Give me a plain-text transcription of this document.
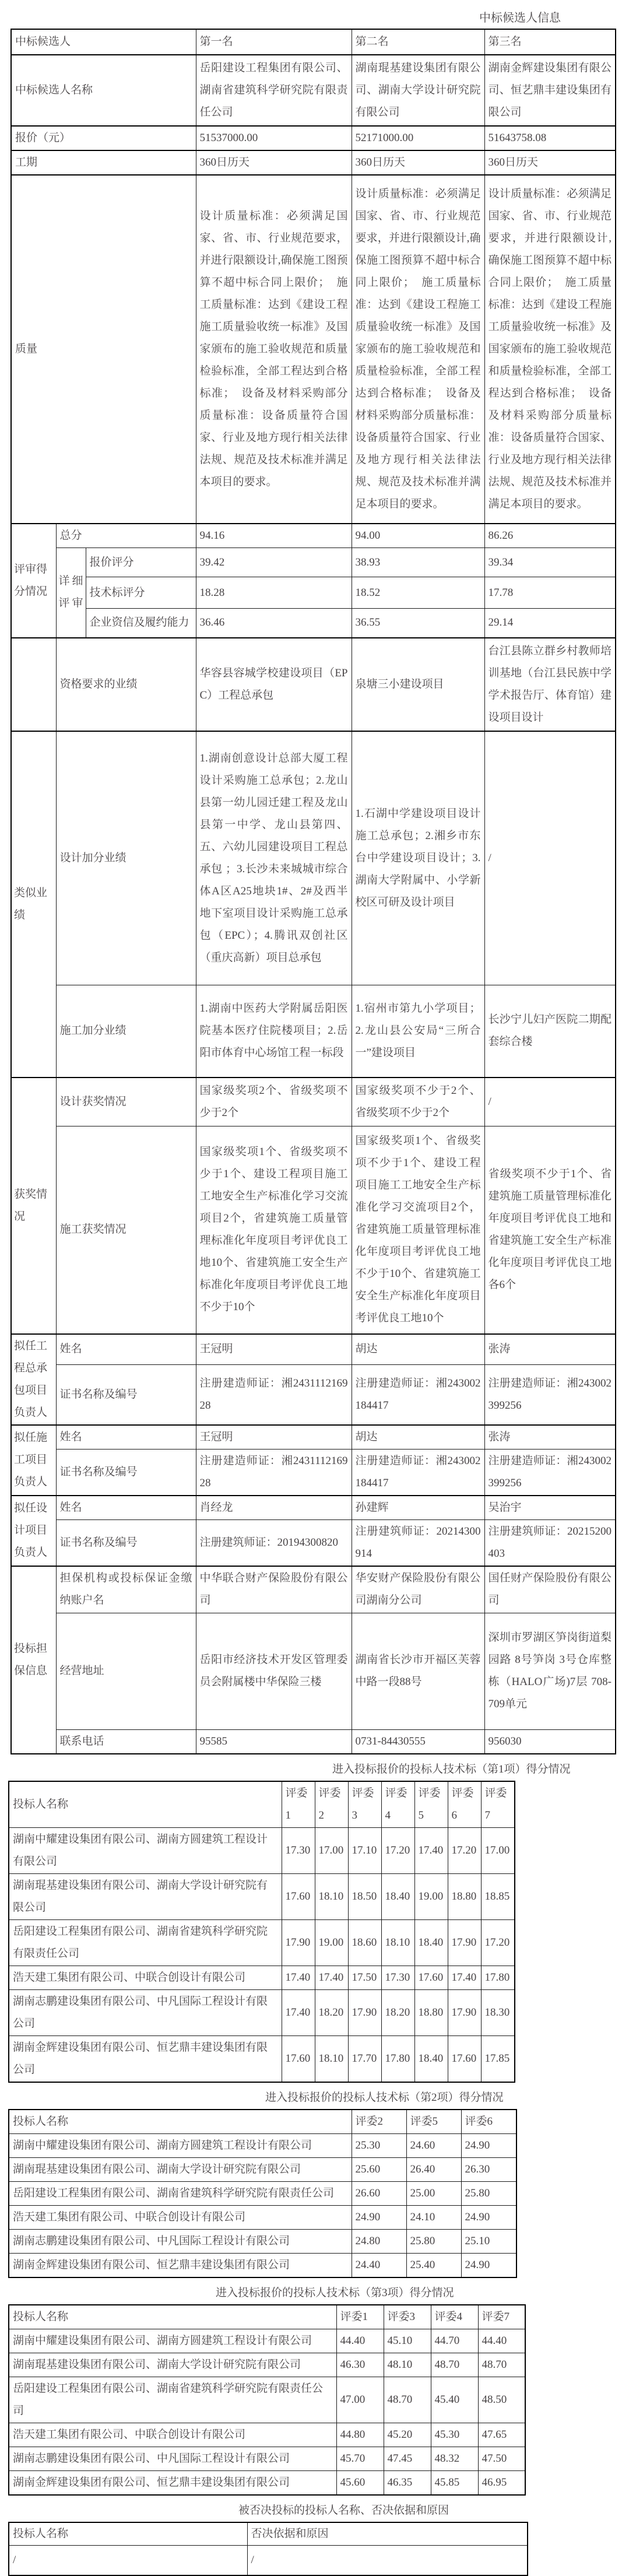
中标候选人信息
中标候选人			第一名	第二名	第三名
中标候选人名称			岳阳建设工程集团有限公司、湖南省建筑科学研究院有限责任公司	湖南琨基建设集团有限公司、湖南大学设计研究院有限公司	湖南金辉建设集团有限公司、恒艺鼎丰建设集团有限公司
报价（元）			51537000.00	52171000.00	51643758.08
工期			360日历天	360日历天	360日历天
质量			设计质量标准：必须满足国家、省、市、行业规范要求，并进行限额设计,确保施工图预算不超中标合同上限价；　施工质量标准：达到《建设工程施工质量验收统一标准》及国家颁布的施工验收规范和质量检验标准，全部工程达到合格标准；　设备及材料采购部分质量标准：设备质量符合国家、行业及地方现行相关法律法规、规范及技术标准并满足本项目的要求。	设计质量标准：必须满足国家、省、市、行业规范要求，并进行限额设计,确保施工图预算不超中标合同上限价；　施工质量标准：达到《建设工程施工质量验收统一标准》及国家颁布的施工验收规范和质量检验标准，全部工程达到合格标准；　设备及材料采购部分质量标准：设备质量符合国家、行业及地方现行相关法律法规、规范及技术标准并满足本项目的要求。	设计质量标准：必须满足国家、省、市、行业规范要求，并进行限额设计,确保施工图预算不超中标合同上限价；　施工质量标准：达到《建设工程施工质量验收统一标准》及国家颁布的施工验收规范和质量检验标准，全部工程达到合格标准；　设备及材料采购部分质量标准：设备质量符合国家、行业及地方现行相关法律法规、规范及技术标准并满足本项目的要求。
评审得分情况	总分		94.16	94.00	86.26
	详细评审	报价评分	39.42	38.93	39.34
		技术标评分	18.28	18.52	17.78
		企业资信及履约能力	36.46	36.55	29.14
	资格要求的业绩		华容县容城学校建设项目（EPC）工程总承包	泉塘三小建设项目	台江县陈立群乡村教师培训基地（台江县民族中学学术报告厅、体育馆）建设项目设计
类似业绩	设计加分业绩		1.湖南创意设计总部大厦工程设计采购施工总承包；2.龙山县第一幼儿园迁建工程及龙山县第一中学、龙山县第四、五、六幼儿园建设项目工程总承包 ；3.长沙未来城城市综合体A区A25地块1#、2#及西半地下室项目设计采购施工总承包（EPC）；4.腾讯双创社区（重庆高新）项目总承包	1.石湖中学建设项目设计施工总承包；2.湘乡市东台中学建设项目设计；3.湖南大学附属中、小学新校区可研及设计项目	/
	施工加分业绩		1.湖南中医药大学附属岳阳医院基本医疗住院楼项目；2.岳阳市体育中心场馆工程一标段	1.宿州市第九小学项目；2.龙山县公安局“三所合一”建设项目	长沙宁儿妇产医院二期配套综合楼
获奖情况	设计获奖情况		国家级奖项2个、省级奖项不少于2个	国家级奖项不少于2个、省级奖项不少于2个	/
	施工获奖情况		国家级奖项1个、省级奖项不少于1个、建设工程项目施工工地安全生产标准化学习交流项目2个，省建筑施工质量管理标准化年度项目考评优良工地10个、省建筑施工安全生产标准化年度项目考评优良工地不少于10个	国家级奖项1个、省级奖项不少于1个、建设工程项目施工工地安全生产标准化学习交流项目2个，省建筑施工质量管理标准化年度项目考评优良工地不少于10个、省建筑施工安全生产标准化年度项目考评优良工地10个	省级奖项不少于1个、省建筑施工质量管理标准化年度项目考评优良工地和省建筑施工安全生产标准化年度项目考评优良工地各6个
拟任工程总承包项目负责人	姓名		王冠明	胡达	张涛
	证书名称及编号		注册建造师证：湘243111216928	注册建造师证：湘243002184417	注册建造师证：湘243002399256
拟任施工项目负责人	姓名		王冠明	胡达	张涛
	证书名称及编号		注册建造师证：湘243111216928	注册建造师证：湘243002184417	注册建造师证：湘243002399256
拟任设计项目负责人	姓名		肖经龙	孙建辉	吴治宇
	证书名称及编号		注册建筑师证：20194300820	注册建筑师证：20214300914	注册建筑师证：20215200403
投标担保信息	担保机构或投标保证金缴纳账户名		中华联合财产保险股份有限公司	华安财产保险股份有限公司湖南分公司	国任财产保险股份有限公司
	经营地址		岳阳市经济技术开发区管理委员会附属楼中华保险三楼	湖南省长沙市开福区芙蓉中路一段88号	深圳市罗湖区笋岗街道梨园路 8号笋岗 3号仓库整栋（HALO广场)7层 708-709单元
	联系电话		95585	0731-84430555	956030
进入投标报价的投标人技术标（第1项）得分情况
投标人名称	评委1	评委2	评委3	评委4	评委5	评委6	评委7
湖南中耀建设集团有限公司、湖南方圆建筑工程设计有限公司	17.30	17.00	17.10	17.20	17.40	17.20	17.00
湖南琨基建设集团有限公司、湖南大学设计研究院有限公司	17.60	18.10	18.50	18.40	19.00	18.80	18.85
岳阳建设工程集团有限公司、湖南省建筑科学研究院有限责任公司	17.90	19.00	18.60	18.10	18.40	17.90	17.20
浩天建工集团有限公司、中联合创设计有限公司	17.40	17.40	17.50	17.30	17.60	17.40	17.80
湖南志鹏建设集团有限公司、中凡国际工程设计有限公司	17.40	18.20	17.90	18.20	18.80	17.90	18.30
湖南金辉建设集团有限公司、恒艺鼎丰建设集团有限公司	17.60	18.10	17.70	17.80	18.40	17.60	17.85
进入投标报价的投标人技术标（第2项）得分情况
投标人名称	评委2	评委5	评委6
湖南中耀建设集团有限公司、湖南方圆建筑工程设计有限公司	25.30	24.60	24.90
湖南琨基建设集团有限公司、湖南大学设计研究院有限公司	25.60	26.40	26.30
岳阳建设工程集团有限公司、湖南省建筑科学研究院有限责任公司	26.60	25.00	25.80
浩天建工集团有限公司、中联合创设计有限公司	24.90	24.10	24.90
湖南志鹏建设集团有限公司、中凡国际工程设计有限公司	24.80	25.80	25.10
湖南金辉建设集团有限公司、恒艺鼎丰建设集团有限公司	24.40	25.40	24.90
进入投标报价的投标人技术标（第3项）得分情况
投标人名称	评委1	评委3	评委4	评委7
湖南中耀建设集团有限公司、湖南方圆建筑工程设计有限公司	44.40	45.10	44.70	44.40
湖南琨基建设集团有限公司、湖南大学设计研究院有限公司	46.30	48.10	48.70	48.70
岳阳建设工程集团有限公司、湖南省建筑科学研究院有限责任公司	47.00	48.70	45.40	48.50
浩天建工集团有限公司、中联合创设计有限公司	44.80	45.20	45.30	47.65
湖南志鹏建设集团有限公司、中凡国际工程设计有限公司	45.70	47.45	48.32	47.50
湖南金辉建设集团有限公司、恒艺鼎丰建设集团有限公司	45.60	46.35	45.85	46.95
被否决投标的投标人名称、否决依据和原因
投标人名称	否决依据和原因
/	/
